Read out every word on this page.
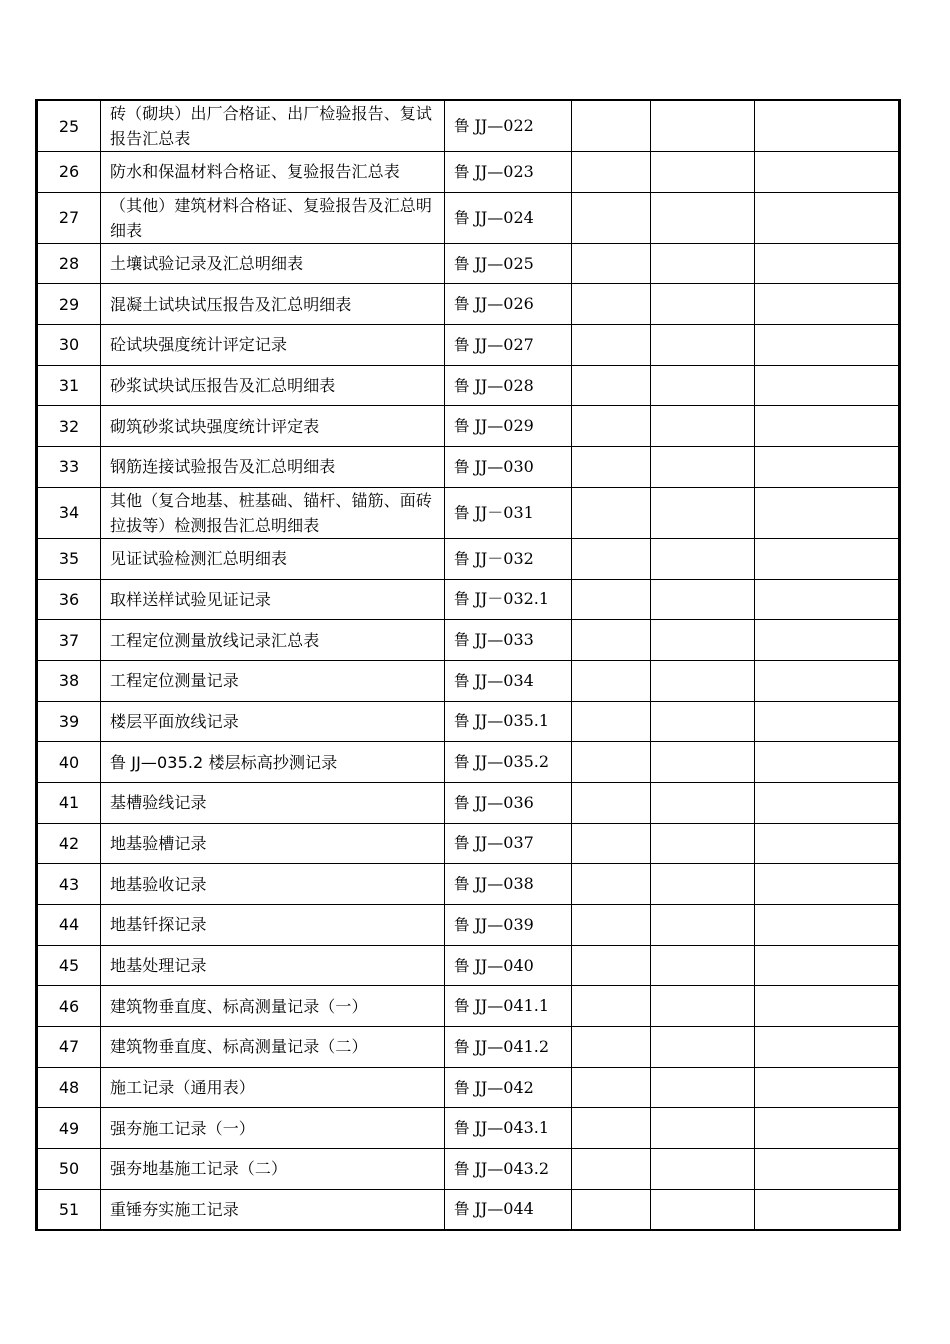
25	砖（砌块）出厂合格证、出厂检验报告、复试报告汇总表	鲁 JJ—022			
26	防水和保温材料合格证、复验报告汇总表	鲁 JJ—023			
27	（其他）建筑材料合格证、复验报告及汇总明细表	鲁 JJ—024			
28	土壤试验记录及汇总明细表	鲁 JJ—025			
29	混凝土试块试压报告及汇总明细表	鲁 JJ—026			
30	砼试块强度统计评定记录	鲁 JJ—027			
31	砂浆试块试压报告及汇总明细表	鲁 JJ—028			
32	砌筑砂浆试块强度统计评定表	鲁 JJ—029			
33	钢筋连接试验报告及汇总明细表	鲁 JJ—030			
34	其他（复合地基、桩基础、锚杆、锚筋、面砖拉拔等）检测报告汇总明细表	鲁 JJ－031			
35	见证试验检测汇总明细表	鲁 JJ－032			
36	取样送样试验见证记录	鲁 JJ－032.1			
37	工程定位测量放线记录汇总表	鲁 JJ—033			
38	工程定位测量记录	鲁 JJ—034			
39	楼层平面放线记录	鲁 JJ—035.1			
40	鲁 JJ—035.2 楼层标高抄测记录	鲁 JJ—035.2			
41	基槽验线记录	鲁 JJ—036			
42	地基验槽记录	鲁 JJ—037			
43	地基验收记录	鲁 JJ—038			
44	地基钎探记录	鲁 JJ—039			
45	地基处理记录	鲁 JJ—040			
46	建筑物垂直度、标高测量记录（一）	鲁 JJ—041.1			
47	建筑物垂直度、标高测量记录（二）	鲁 JJ—041.2			
48	施工记录（通用表）	鲁 JJ—042			
49	强夯施工记录（一）	鲁 JJ—043.1			
50	强夯地基施工记录（二）	鲁 JJ—043.2			
51	重锤夯实施工记录	鲁 JJ—044			
